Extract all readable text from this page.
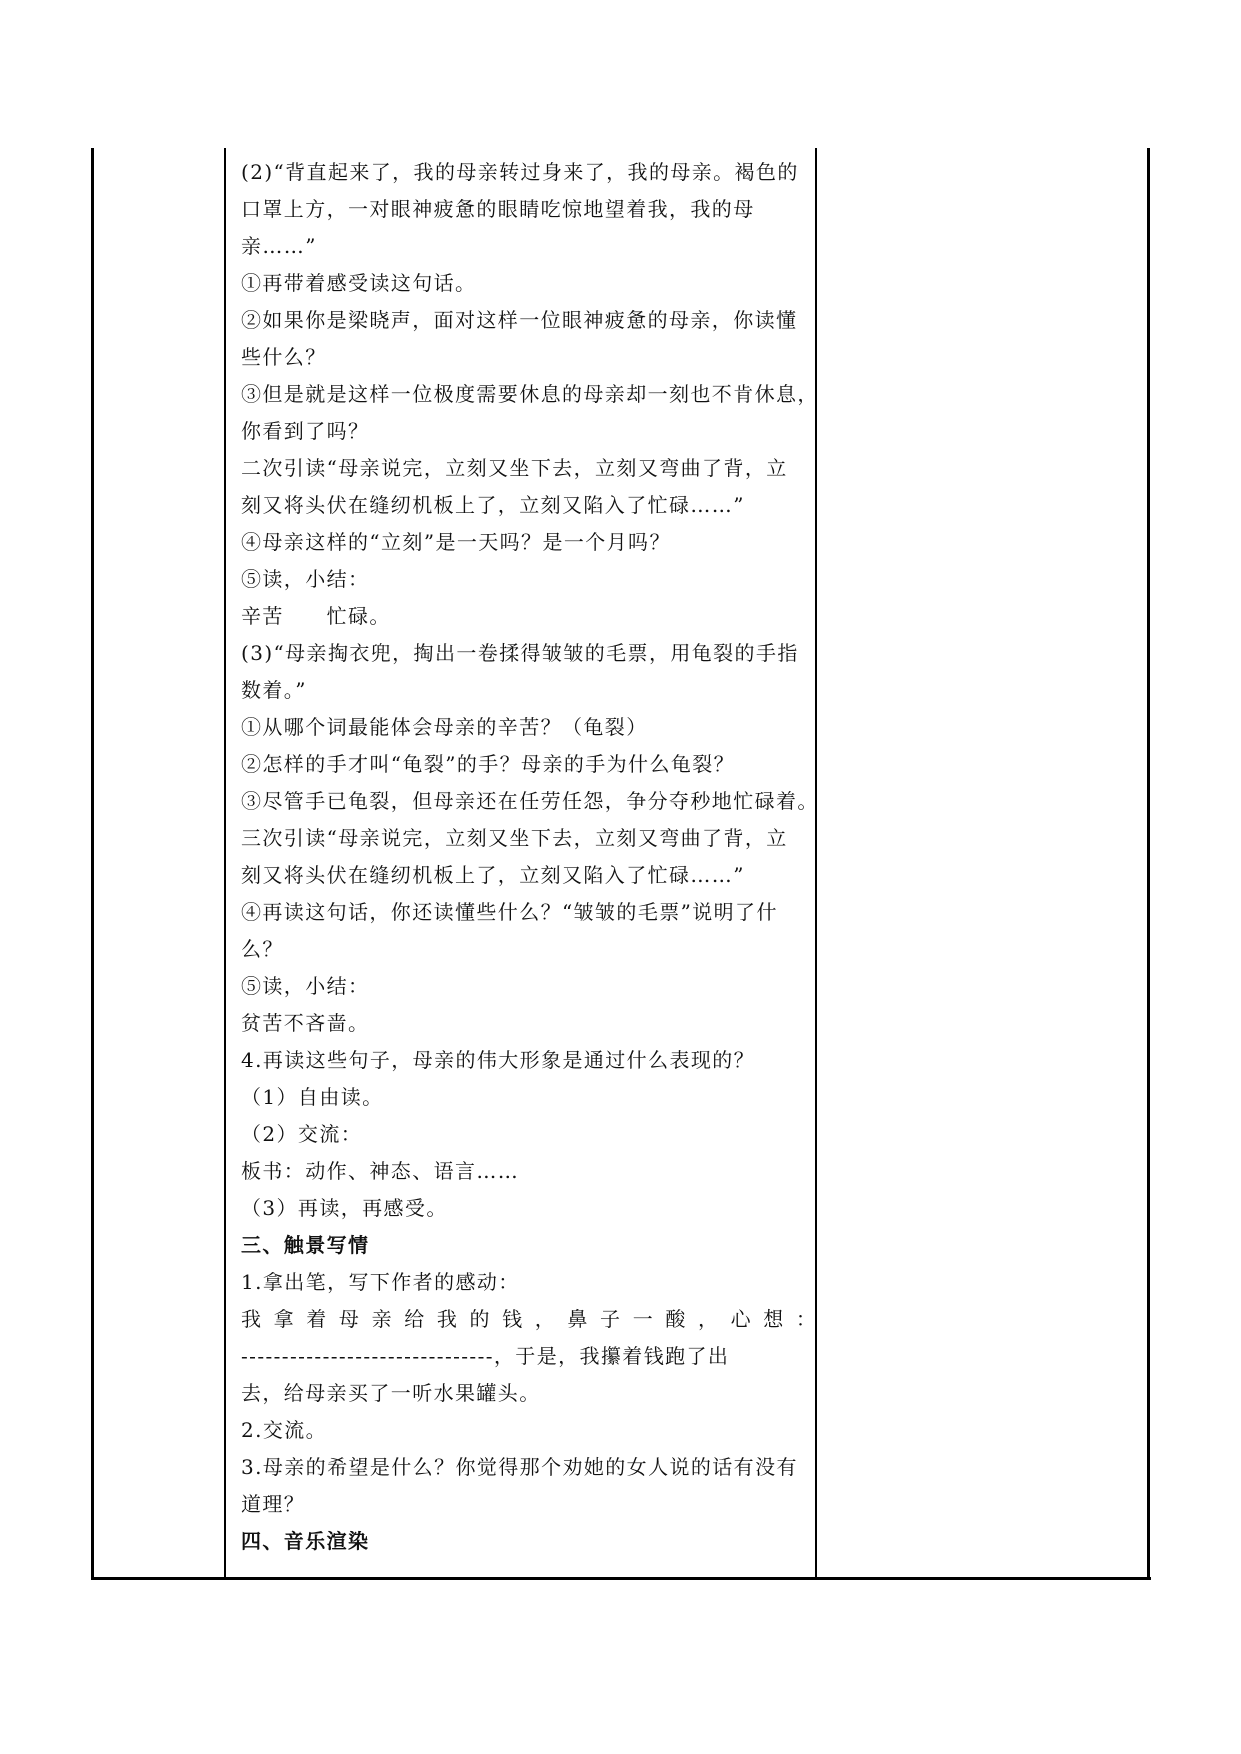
(2)“背直起来了，我的母亲转过身来了，我的母亲。褐色的
口罩上方，一对眼神疲惫的眼睛吃惊地望着我，我的母
亲……”
①再带着感受读这句话。
②如果你是梁晓声，面对这样一位眼神疲惫的母亲，你读懂
些什么？
③但是就是这样一位极度需要休息的母亲却一刻也不肯休息，
你看到了吗？
二次引读“母亲说完，立刻又坐下去，立刻又弯曲了背，立
刻又将头伏在缝纫机板上了，立刻又陷入了忙碌……”
④母亲这样的“立刻”是一天吗？是一个月吗？
⑤读，小结：
辛苦　　忙碌。
(3)“母亲掏衣兜，掏出一卷揉得皱皱的毛票，用龟裂的手指
数着。”
①从哪个词最能体会母亲的辛苦？（龟裂）
②怎样的手才叫“龟裂”的手？母亲的手为什么龟裂？
③尽管手已龟裂，但母亲还在任劳任怨，争分夺秒地忙碌着。
三次引读“母亲说完，立刻又坐下去，立刻又弯曲了背，立
刻又将头伏在缝纫机板上了，立刻又陷入了忙碌……”
④再读这句话，你还读懂些什么？“皱皱的毛票”说明了什
么？
⑤读，小结：
贫苦不吝啬。
4.再读这些句子，母亲的伟大形象是通过什么表现的？
（1）自由读。
（2）交流：
板书：动作、神态、语言……
（3）再读，再感受。
三、触景写情
1.拿出笔，写下作者的感动：
我 拿 着 母 亲 给 我 的 钱 ， 鼻 子 一 酸 ， 心 想 ：
-------------------------------，于是，我攥着钱跑了出
去，给母亲买了一听水果罐头。
2.交流。
3.母亲的希望是什么？你觉得那个劝她的女人说的话有没有
道理？
四、音乐渲染
